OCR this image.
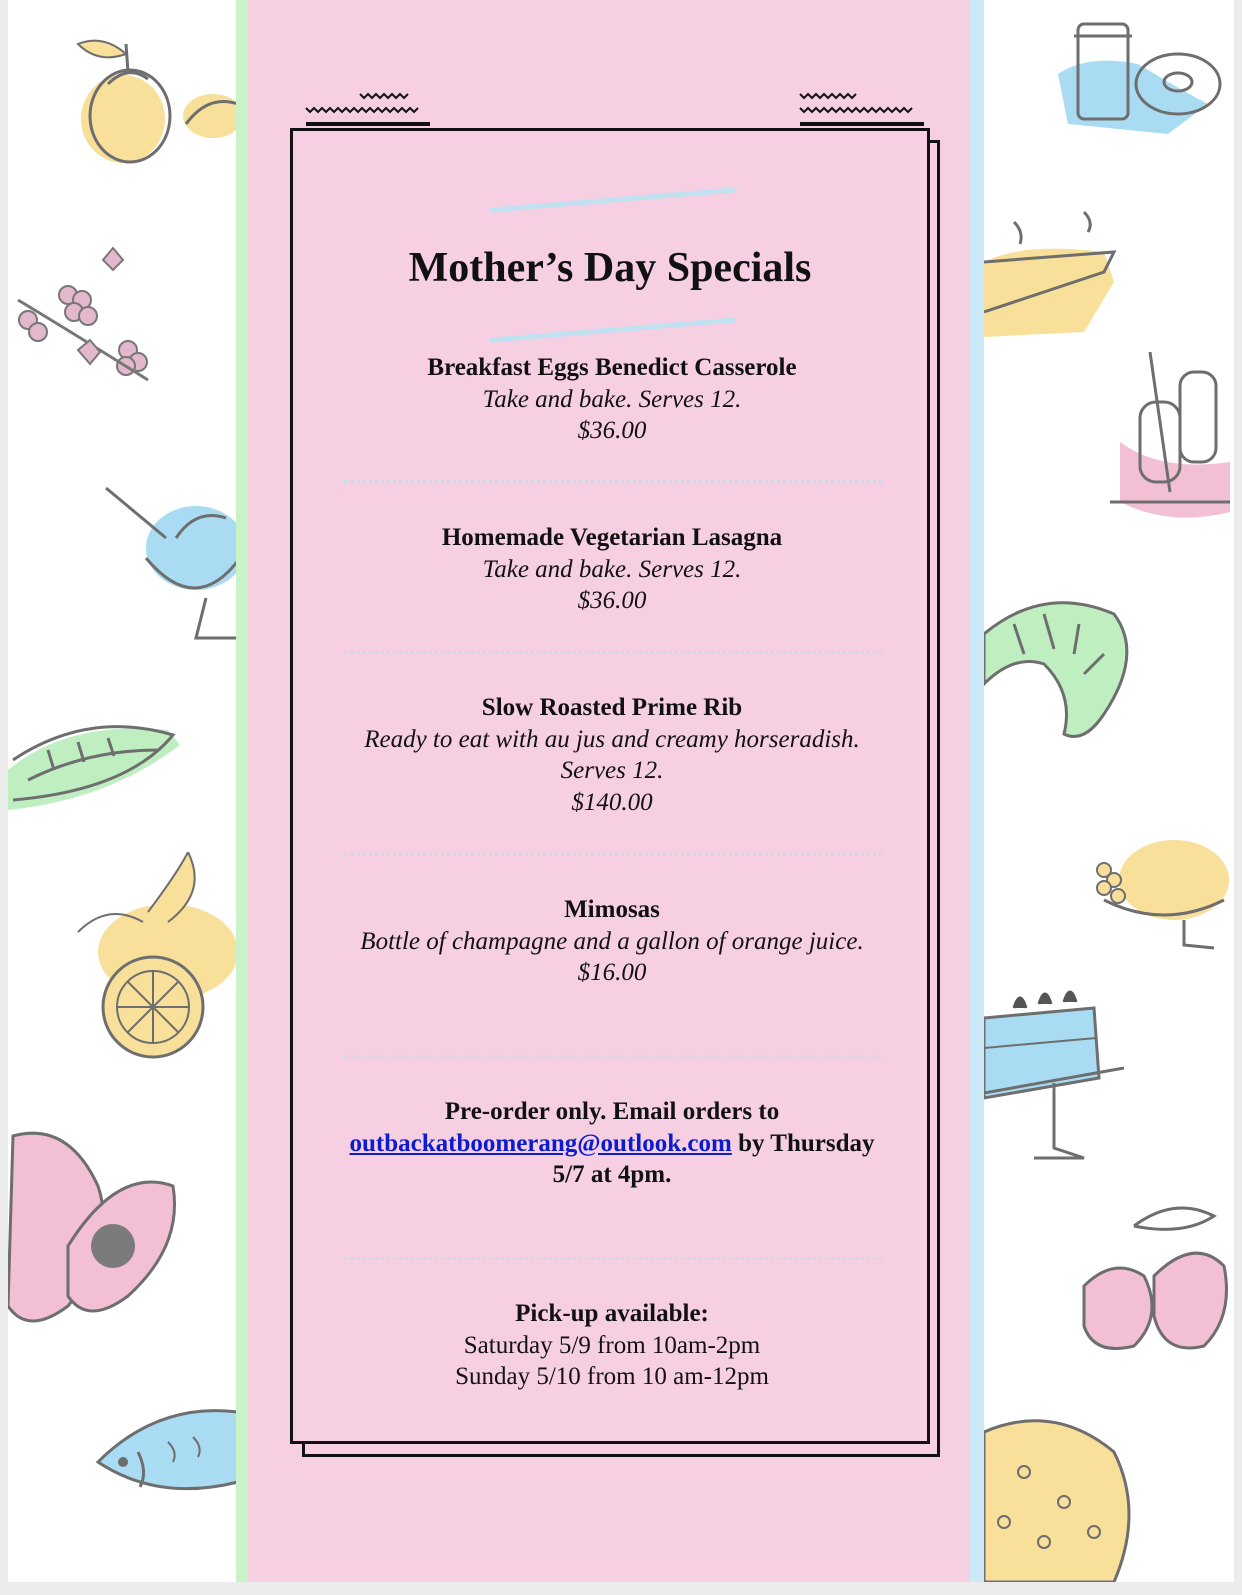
Mother’s Day Specials
Breakfast Eggs Benedict Casserole
Take and bake. Serves 12.
$36.00
Homemade Vegetarian Lasagna
Take and bake. Serves 12.
$36.00
Slow Roasted Prime Rib
Ready to eat with au jus and creamy horseradish. Serves 12.
$140.00
Mimosas
Bottle of champagne and a gallon of orange juice.
$16.00
Pre-order only. Email orders to
outbackatboomerang@outlook.com by Thursday 5/7 at 4pm.
Pick-up available:
Saturday 5/9 from 10am-2pm
Sunday 5/10 from 10 am-12pm
